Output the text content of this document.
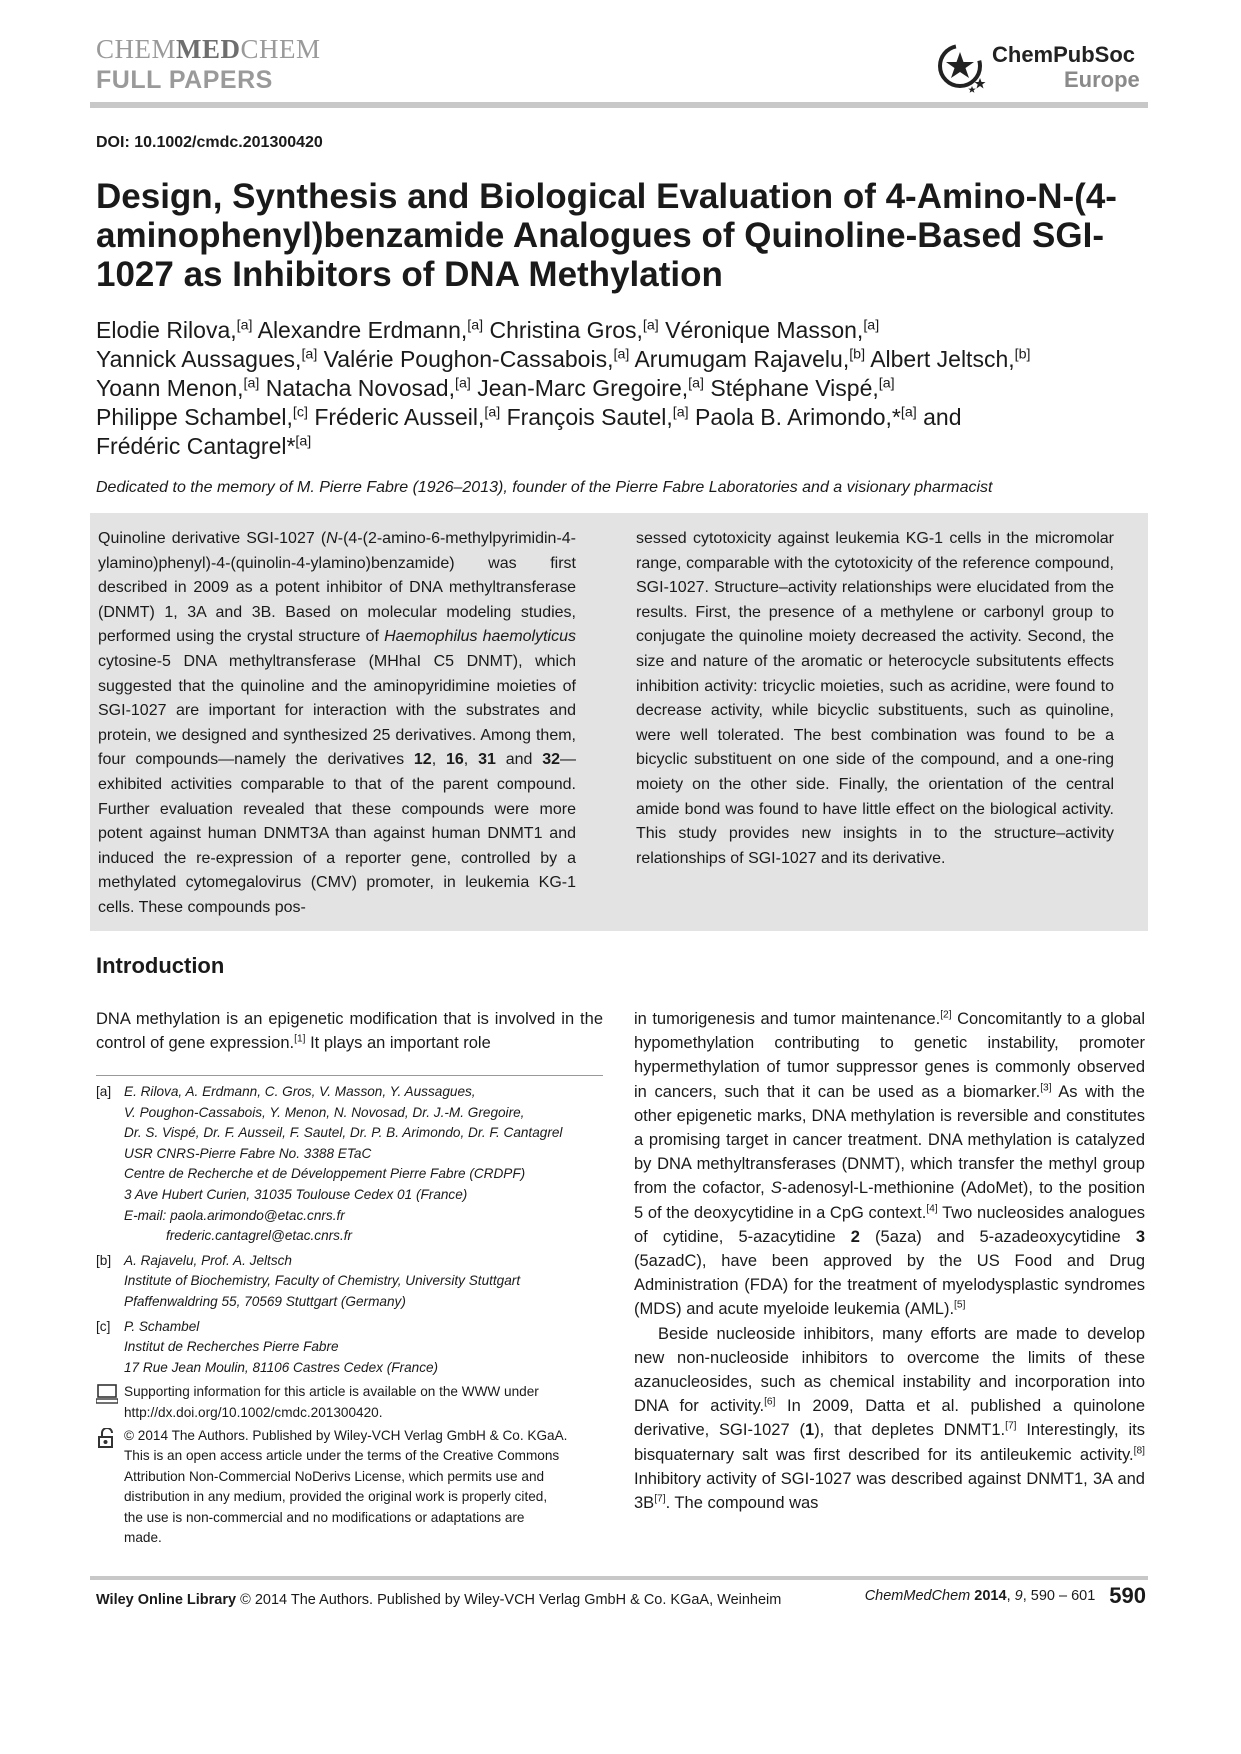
CHEMMEDCHEM
FULL PAPERS
ChemPubSoc
Europe
DOI: 10.1002/cmdc.201300420
Design, Synthesis and Biological Evaluation of 4-Amino-N-(4-aminophenyl)benzamide Analogues of Quinoline-Based SGI-1027 as Inhibitors of DNA Methylation
Elodie Rilova,[a] Alexandre Erdmann,[a] Christina Gros,[a] Véronique Masson,[a]
Yannick Aussagues,[a] Valérie Poughon-Cassabois,[a] Arumugam Rajavelu,[b] Albert Jeltsch,[b]
Yoann Menon,[a] Natacha Novosad,[a] Jean-Marc Gregoire,[a] Stéphane Vispé,[a]
Philippe Schambel,[c] Fréderic Ausseil,[a] François Sautel,[a] Paola B. Arimondo,*[a] and
Frédéric Cantagrel*[a]
Dedicated to the memory of M. Pierre Fabre (1926–2013), founder of the Pierre Fabre Laboratories and a visionary pharmacist
Quinoline derivative SGI-1027 (N-(4-(2-amino-6-methylpyrimidin-4-ylamino)phenyl)-4-(quinolin-4-ylamino)benzamide) was first described in 2009 as a potent inhibitor of DNA methyltransferase (DNMT) 1, 3A and 3B. Based on molecular modeling studies, performed using the crystal structure of Haemophilus haemolyticus cytosine-5 DNA methyltransferase (MHhaI C5 DNMT), which suggested that the quinoline and the aminopyridimine moieties of SGI-1027 are important for interaction with the substrates and protein, we designed and synthesized 25 derivatives. Among them, four compounds—namely the derivatives 12, 16, 31 and 32—exhibited activities comparable to that of the parent compound. Further evaluation revealed that these compounds were more potent against human DNMT3A than against human DNMT1 and induced the re-expression of a reporter gene, controlled by a methylated cytomegalovirus (CMV) promoter, in leukemia KG-1 cells. These compounds pos-
sessed cytotoxicity against leukemia KG-1 cells in the micromolar range, comparable with the cytotoxicity of the reference compound, SGI-1027. Structure–activity relationships were elucidated from the results. First, the presence of a methylene or carbonyl group to conjugate the quinoline moiety decreased the activity. Second, the size and nature of the aromatic or heterocycle subsitutents effects inhibition activity: tricyclic moieties, such as acridine, were found to decrease activity, while bicyclic substituents, such as quinoline, were well tolerated. The best combination was found to be a bicyclic substituent on one side of the compound, and a one-ring moiety on the other side. Finally, the orientation of the central amide bond was found to have little effect on the biological activity. This study provides new insights in to the structure–activity relationships of SGI-1027 and its derivative.
Introduction
DNA methylation is an epigenetic modification that is involved in the control of gene expression.[1] It plays an important role
[a] E. Rilova, A. Erdmann, C. Gros, V. Masson, Y. Aussagues,
V. Poughon-Cassabois, Y. Menon, N. Novosad, Dr. J.-M. Gregoire,
Dr. S. Vispé, Dr. F. Ausseil, F. Sautel, Dr. P. B. Arimondo, Dr. F. Cantagrel
USR CNRS-Pierre Fabre No. 3388 ETaC
Centre de Recherche et de Développement Pierre Fabre (CRDPF)
3 Ave Hubert Curien, 31035 Toulouse Cedex 01 (France)
E-mail: paola.arimondo@etac.cnrs.fr
frederic.cantagrel@etac.cnrs.fr
[b] A. Rajavelu, Prof. A. Jeltsch
Institute of Biochemistry, Faculty of Chemistry, University Stuttgart
Pfaffenwaldring 55, 70569 Stuttgart (Germany)
[c] P. Schambel
Institut de Recherches Pierre Fabre
17 Rue Jean Moulin, 81106 Castres Cedex (France)
Supporting information for this article is available on the WWW under
http://dx.doi.org/10.1002/cmdc.201300420.
© 2014 The Authors. Published by Wiley-VCH Verlag GmbH & Co. KGaA.
This is an open access article under the terms of the Creative Commons
Attribution Non-Commercial NoDerivs License, which permits use and
distribution in any medium, provided the original work is properly cited,
the use is non-commercial and no modifications or adaptations are
made.
in tumorigenesis and tumor maintenance.[2] Concomitantly to a global hypomethylation contributing to genetic instability, promoter hypermethylation of tumor suppressor genes is commonly observed in cancers, such that it can be used as a biomarker.[3] As with the other epigenetic marks, DNA methylation is reversible and constitutes a promising target in cancer treatment. DNA methylation is catalyzed by DNA methyltransferases (DNMT), which transfer the methyl group from the cofactor, S-adenosyl-L-methionine (AdoMet), to the position 5 of the deoxycytidine in a CpG context.[4] Two nucleosides analogues of cytidine, 5-azacytidine 2 (5aza) and 5-azadeoxycytidine 3 (5azadC), have been approved by the US Food and Drug Administration (FDA) for the treatment of myelodysplastic syndromes (MDS) and acute myeloide leukemia (AML).[5]
Beside nucleoside inhibitors, many efforts are made to develop new non-nucleoside inhibitors to overcome the limits of these azanucleosides, such as chemical instability and incorporation into DNA for activity.[6] In 2009, Datta et al. published a quinolone derivative, SGI-1027 (1), that depletes DNMT1.[7] Interestingly, its bisquaternary salt was first described for its antileukemic activity.[8] Inhibitory activity of SGI-1027 was described against DNMT1, 3A and 3B[7]. The compound was
Wiley Online Library © 2014 The Authors. Published by Wiley-VCH Verlag GmbH & Co. KGaA, Weinheim	ChemMedChem 2014, 9, 590 – 601 590
